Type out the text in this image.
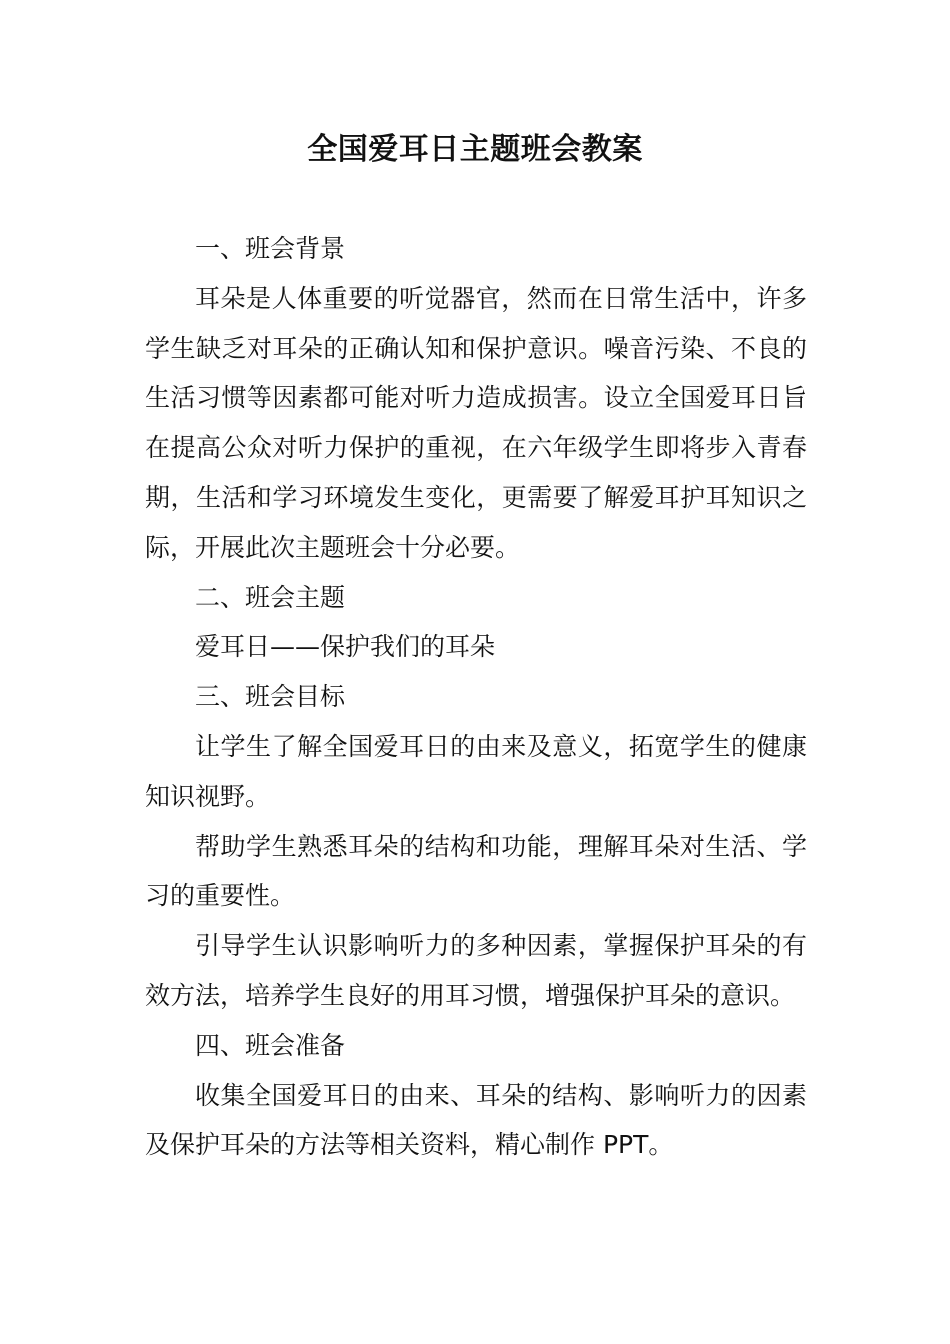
全国爱耳日主题班会教案

一、班会背景

耳朵是人体重要的听觉器官，然而在日常生活中，许多学生缺乏对耳朵的正确认知和保护意识。噪音污染、不良的生活习惯等因素都可能对听力造成损害。设立全国爱耳日旨在提高公众对听力保护的重视，在六年级学生即将步入青春期，生活和学习环境发生变化，更需要了解爱耳护耳知识之际，开展此次主题班会十分必要。

二、班会主题

爱耳日——保护我们的耳朵

三、班会目标

让学生了解全国爱耳日的由来及意义，拓宽学生的健康知识视野。

帮助学生熟悉耳朵的结构和功能，理解耳朵对生活、学习的重要性。

引导学生认识影响听力的多种因素，掌握保护耳朵的有效方法，培养学生良好的用耳习惯，增强保护耳朵的意识。

四、班会准备

收集全国爱耳日的由来、耳朵的结构、影响听力的因素及保护耳朵的方法等相关资料，精心制作 PPT。
